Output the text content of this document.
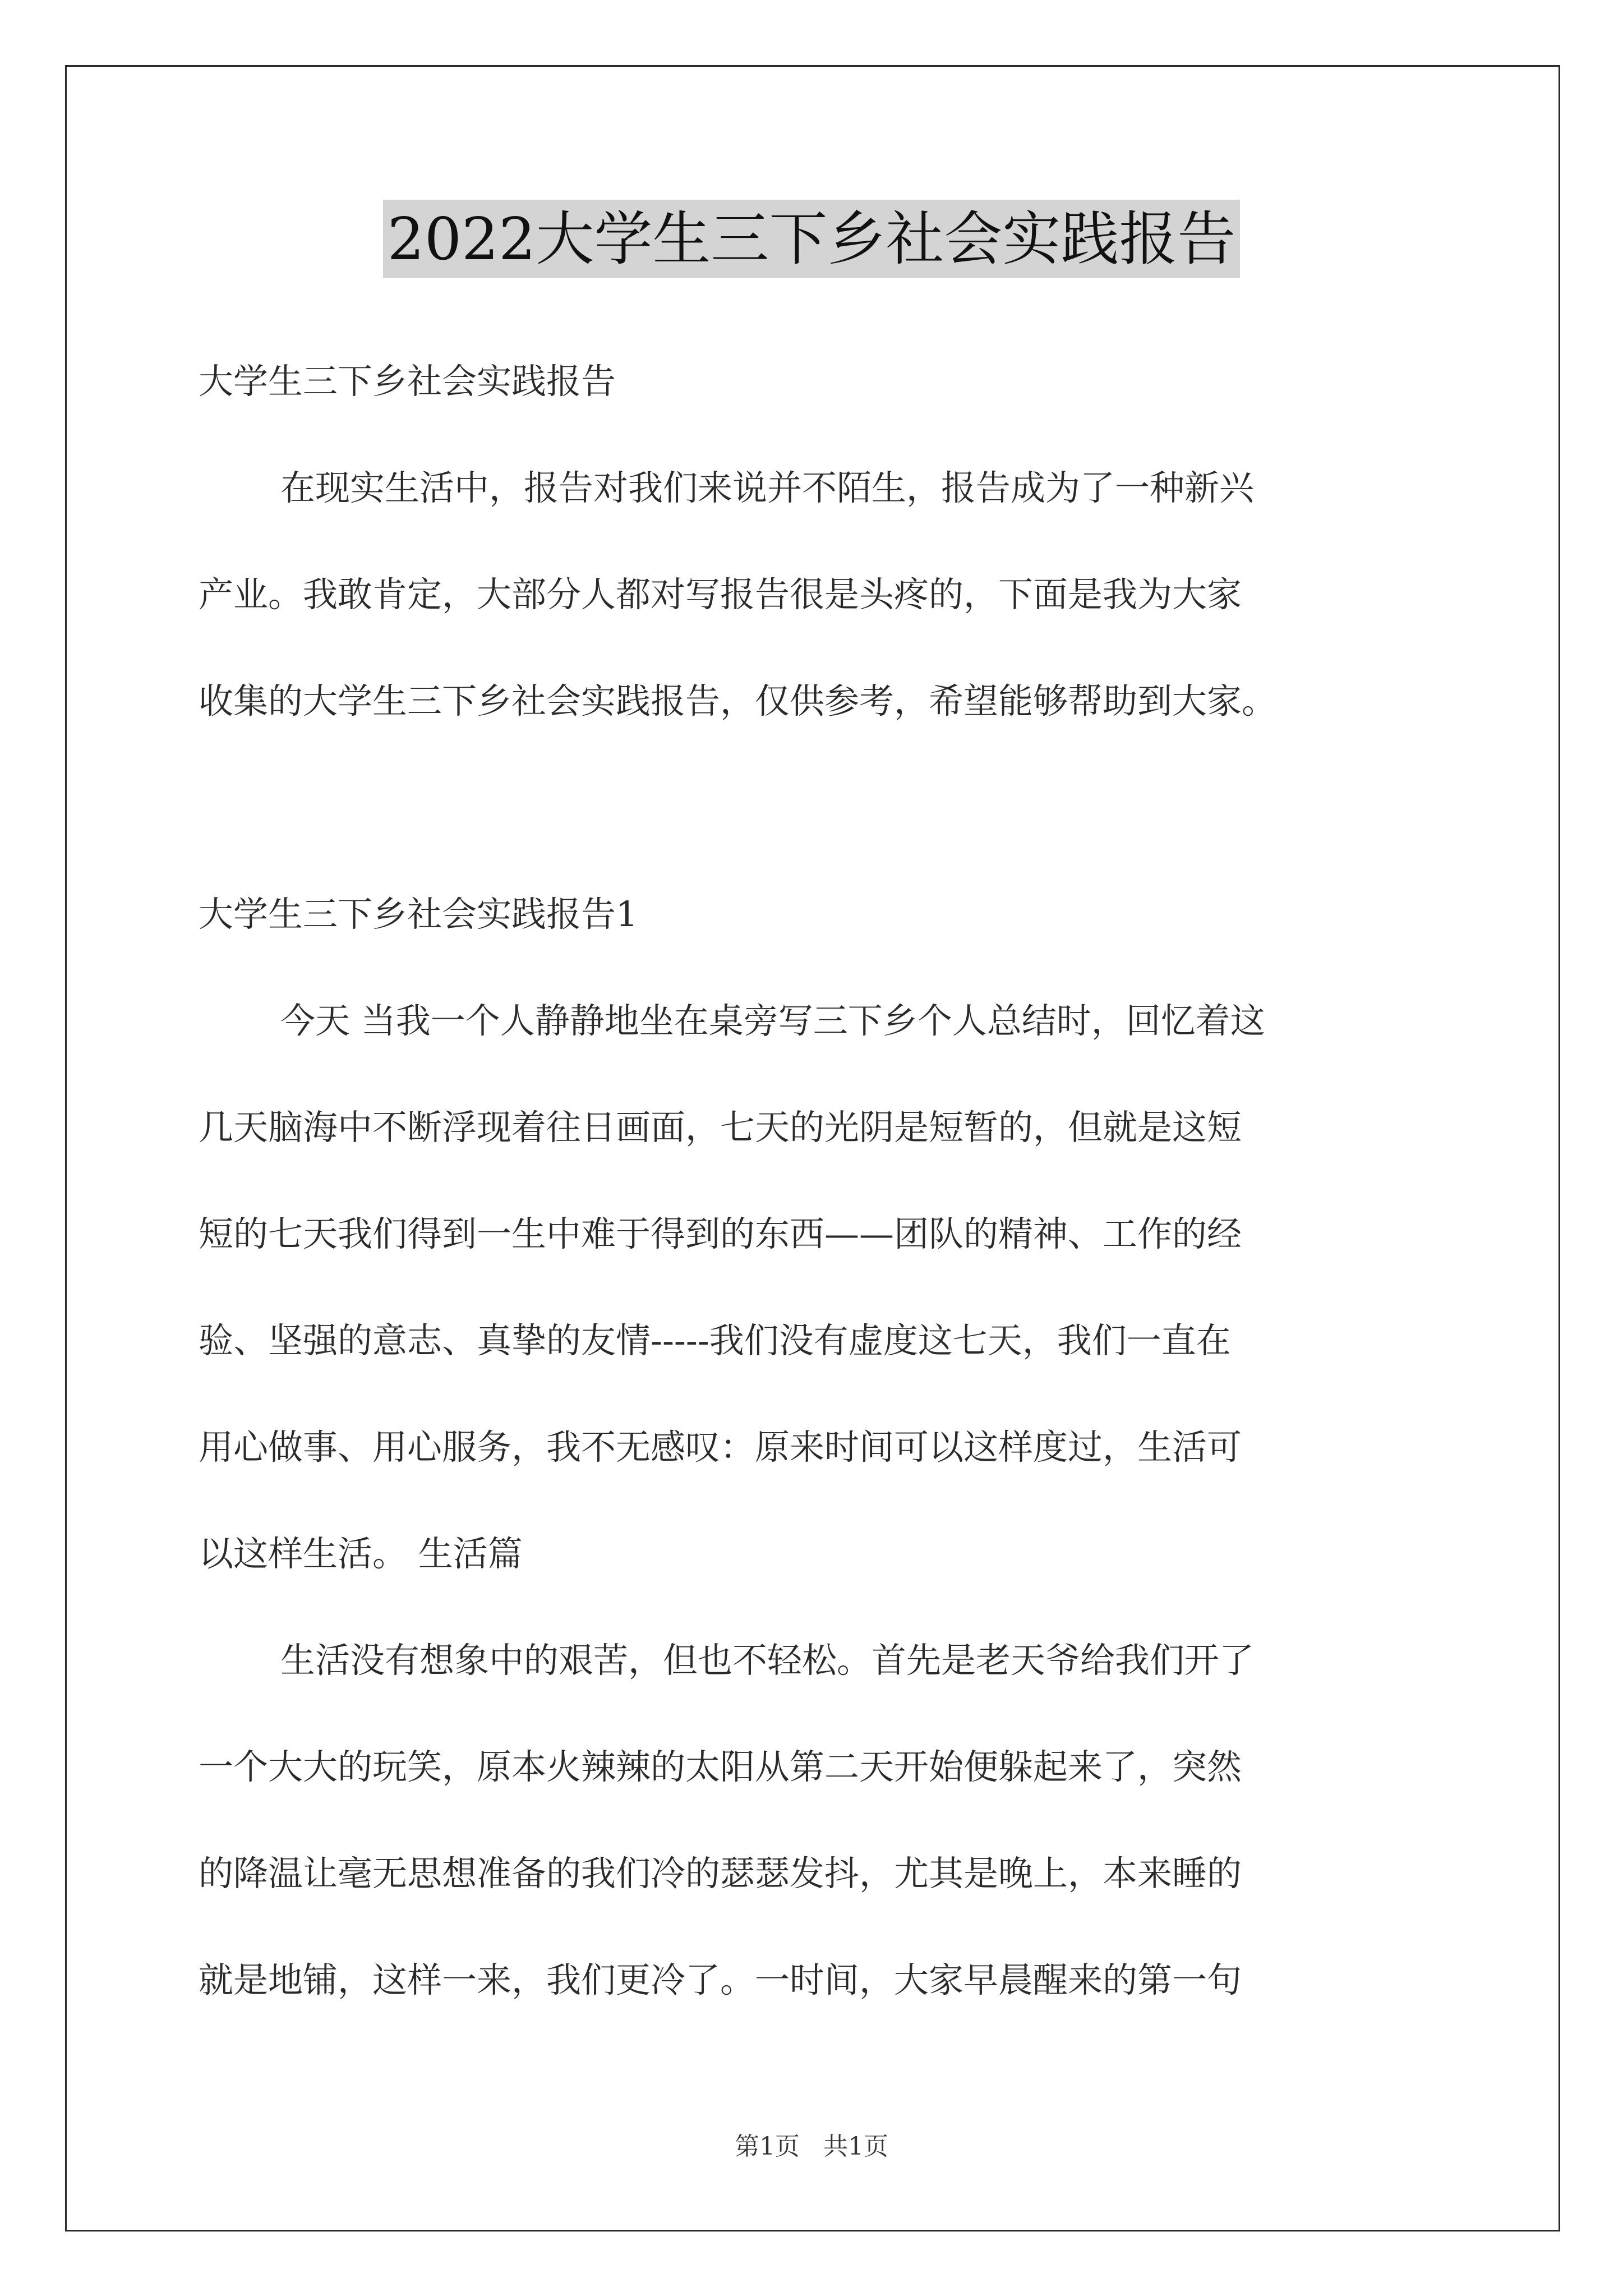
2022大学生三下乡社会实践报告
大学生三下乡社会实践报告
在现实生活中，报告对我们来说并不陌生，报告成为了一种新兴
产业。我敢肯定，大部分人都对写报告很是头疼的，下面是我为大家
收集的大学生三下乡社会实践报告，仅供参考，希望能够帮助到大家。
大学生三下乡社会实践报告1
今天 当我一个人静静地坐在桌旁写三下乡个人总结时，回忆着这
几天脑海中不断浮现着往日画面，七天的光阴是短暂的，但就是这短
短的七天我们得到一生中难于得到的东西——团队的精神、工作的经
验、坚强的意志、真挚的友情-----我们没有虚度这七天，我们一直在
用心做事、用心服务，我不无感叹：原来时间可以这样度过，生活可
以这样生活。 生活篇
生活没有想象中的艰苦，但也不轻松。首先是老天爷给我们开了
一个大大的玩笑，原本火辣辣的太阳从第二天开始便躲起来了，突然
的降温让毫无思想准备的我们冷的瑟瑟发抖，尤其是晚上，本来睡的
就是地铺，这样一来，我们更冷了。一时间，大家早晨醒来的第一句
第1页   共1页
